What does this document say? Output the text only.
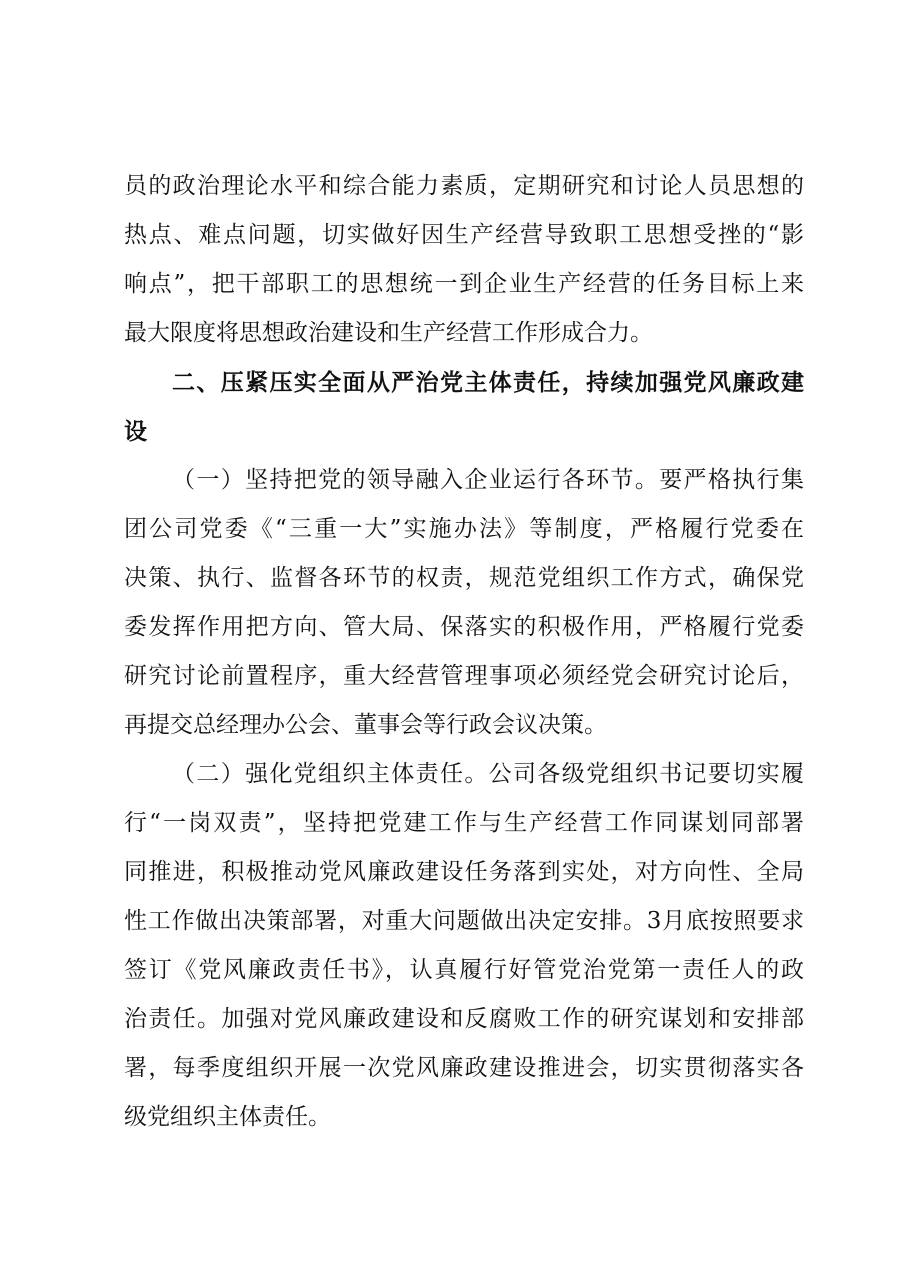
员的政治理论水平和综合能力素质，定期研究和讨论人员思想的
热点、难点问题，切实做好因生产经营导致职工思想受挫的“影
响点”，把干部职工的思想统一到企业生产经营的任务目标上来
最大限度将思想政治建设和生产经营工作形成合力。
二、压紧压实全面从严治党主体责任，持续加强党风廉政建
设
（一）坚持把党的领导融入企业运行各环节。要严格执行集
团公司党委《“三重一大”实施办法》等制度，严格履行党委在
决策、执行、监督各环节的权责，规范党组织工作方式，确保党
委发挥作用把方向、管大局、保落实的积极作用，严格履行党委
研究讨论前置程序，重大经营管理事项必须经党会研究讨论后，
再提交总经理办公会、董事会等行政会议决策。
（二）强化党组织主体责任。公司各级党组织书记要切实履
行“一岗双责”，坚持把党建工作与生产经营工作同谋划同部署
同推进，积极推动党风廉政建设任务落到实处，对方向性、全局
性工作做出决策部署，对重大问题做出决定安排。3月底按照要求
签订《党风廉政责任书》，认真履行好管党治党第一责任人的政
治责任。加强对党风廉政建设和反腐败工作的研究谋划和安排部
署，每季度组织开展一次党风廉政建设推进会，切实贯彻落实各
级党组织主体责任。
